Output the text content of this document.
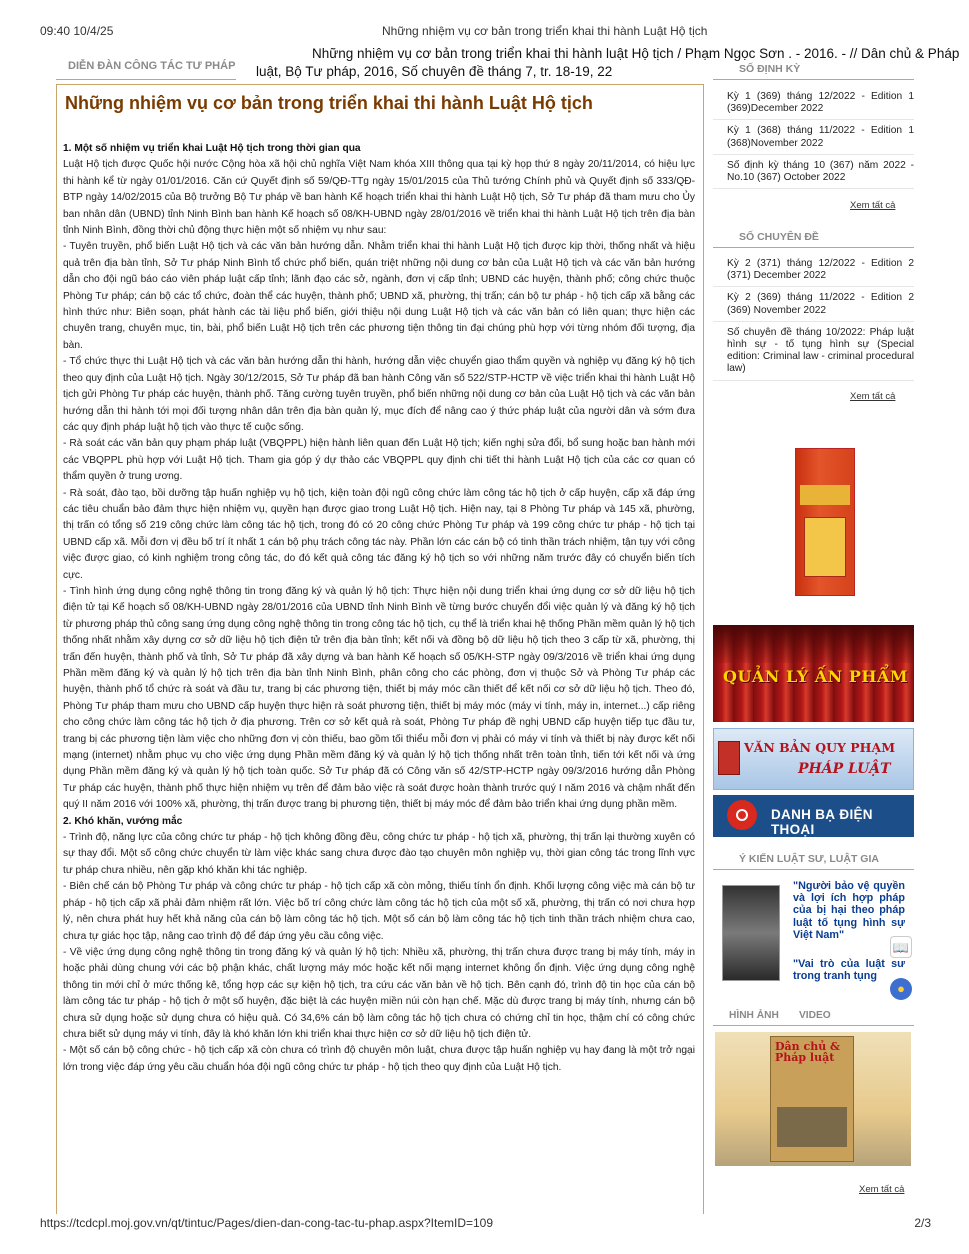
09:40 10/4/25	Những nhiệm vụ cơ bản trong triển khai thi hành Luật Hộ tịch
Những nhiệm vụ cơ bản trong triển khai thi hành luật Hộ tịch / Phạm Ngọc Sơn . - 2016. - // Dân chủ & Pháp luật, Bộ Tư pháp, 2016, Số chuyên đề tháng 7, tr. 18-19, 22
DIỄN ĐÀN CÔNG TÁC TƯ PHÁP
Những nhiệm vụ cơ bản trong triển khai thi hành Luật Hộ tịch
1. Một số nhiệm vụ triển khai Luật Hộ tịch trong thời gian qua
Luật Hộ tịch được Quốc hội nước Cộng hòa xã hội chủ nghĩa Việt Nam khóa XIII thông qua tại kỳ họp thứ 8 ngày 20/11/2014, có hiệu lực thi hành kể từ ngày 01/01/2016. Căn cứ Quyết định số 59/QĐ-TTg ngày 15/01/2015 của Thủ tướng Chính phủ và Quyết định số 333/QĐ-BTP ngày 14/02/2015 của Bộ trưởng Bộ Tư pháp về ban hành Kế hoạch triển khai thi hành Luật Hộ tịch, Sở Tư pháp đã tham mưu cho Ủy ban nhân dân (UBND) tỉnh Ninh Bình ban hành Kế hoạch số 08/KH-UBND ngày 28/01/2016 về triển khai thi hành Luật Hộ tịch trên địa bàn tỉnh Ninh Bình, đồng thời chủ động thực hiện một số nhiệm vụ như sau:
- Tuyên truyền, phổ biến Luật Hộ tịch và các văn bản hướng dẫn. Nhằm triển khai thi hành Luật Hộ tịch được kịp thời, thống nhất và hiệu quả trên địa bàn tỉnh, Sở Tư pháp Ninh Bình tổ chức phổ biến, quán triệt những nội dung cơ bản của Luật Hộ tịch và các văn bản hướng dẫn cho đội ngũ báo cáo viên pháp luật cấp tỉnh; lãnh đạo các sở, ngành, đơn vị cấp tỉnh; UBND các huyện, thành phố; công chức thuộc Phòng Tư pháp; cán bộ các tổ chức, đoàn thể các huyện, thành phố; UBND xã, phường, thị trấn; cán bộ tư pháp - hộ tịch cấp xã bằng các hình thức như: Biên soạn, phát hành các tài liệu phổ biến, giới thiệu nội dung Luật Hộ tịch và các văn bản có liên quan; thực hiện các chuyên trang, chuyên mục, tin, bài, phổ biến Luật Hộ tịch trên các phương tiện thông tin đại chúng phù hợp với từng nhóm đối tượng, địa bàn.
- Tổ chức thực thi Luật Hộ tịch và các văn bản hướng dẫn thi hành, hướng dẫn việc chuyển giao thẩm quyền và nghiệp vụ đăng ký hộ tịch theo quy định của Luật Hộ tịch. Ngày 30/12/2015, Sở Tư pháp đã ban hành Công văn số 522/STP-HCTP về việc triển khai thi hành Luật Hộ tịch gửi Phòng Tư pháp các huyện, thành phố. Tăng cường tuyên truyền, phổ biến những nội dung cơ bản của Luật Hộ tịch và các văn bản hướng dẫn thi hành tới mọi đối tượng nhân dân trên địa bàn quản lý, mục đích để nâng cao ý thức pháp luật của người dân và sớm đưa các quy định pháp luật hộ tịch vào thực tế cuộc sống.
- Rà soát các văn bản quy phạm pháp luật (VBQPPL) hiện hành liên quan đến Luật Hộ tịch; kiến nghị sửa đổi, bổ sung hoặc ban hành mới các VBQPPL phù hợp với Luật Hộ tịch. Tham gia góp ý dự thảo các VBQPPL quy định chi tiết thi hành Luật Hộ tịch của các cơ quan có thẩm quyền ở trung ương.
- Rà soát, đào tạo, bồi dưỡng tập huấn nghiệp vụ hộ tịch, kiện toàn đội ngũ công chức làm công tác hộ tịch ở cấp huyện, cấp xã đáp ứng các tiêu chuẩn bảo đảm thực hiện nhiệm vụ, quyền hạn được giao trong Luật Hộ tịch. Hiện nay, tại 8 Phòng Tư pháp và 145 xã, phường, thị trấn có tổng số 219 công chức làm công tác hộ tịch, trong đó có 20 công chức Phòng Tư pháp và 199 công chức tư pháp - hộ tịch tại UBND cấp xã. Mỗi đơn vị đều bố trí ít nhất 1 cán bộ phụ trách công tác này. Phần lớn các cán bộ có tinh thần trách nhiệm, tận tụy với công việc được giao, có kinh nghiệm trong công tác, do đó kết quả công tác đăng ký hộ tịch so với những năm trước đây có chuyển biến tích cực.
- Tình hình ứng dụng công nghệ thông tin trong đăng ký và quản lý hộ tịch: Thực hiện nội dung triển khai ứng dụng cơ sở dữ liệu hộ tịch điện tử tại Kế hoạch số 08/KH-UBND ngày 28/01/2016 của UBND tỉnh Ninh Bình về từng bước chuyển đổi việc quản lý và đăng ký hộ tịch từ phương pháp thủ công sang ứng dụng công nghệ thông tin trong công tác hộ tịch, cụ thể là triển khai hệ thống Phần mềm quản lý hộ tịch thống nhất nhằm xây dựng cơ sở dữ liệu hộ tịch điện tử trên địa bàn tỉnh; kết nối và đồng bộ dữ liệu hộ tịch theo 3 cấp từ xã, phường, thị trấn đến huyện, thành phố và tỉnh, Sở Tư pháp đã xây dựng và ban hành Kế hoạch số 05/KH-STP ngày 09/3/2016 về triển khai ứng dụng Phần mềm đăng ký và quản lý hộ tịch trên địa bàn tỉnh Ninh Bình, phân công cho các phòng, đơn vị thuộc Sở và Phòng Tư pháp các huyện, thành phố tổ chức rà soát và đầu tư, trang bị các phương tiện, thiết bị máy móc cần thiết để kết nối cơ sở dữ liệu hộ tịch. Theo đó, Phòng Tư pháp tham mưu cho UBND cấp huyện thực hiện rà soát phương tiện, thiết bị máy móc (máy vi tính, máy in, internet...) cấp riêng cho công chức làm công tác hộ tịch ở địa phương. Trên cơ sở kết quả rà soát, Phòng Tư pháp đề nghị UBND cấp huyện tiếp tục đầu tư, trang bị các phương tiện làm việc cho những đơn vị còn thiếu, bao gồm tối thiểu mỗi đơn vị phải có máy vi tính và thiết bị này được kết nối mạng (internet) nhằm phục vụ cho việc ứng dụng Phần mềm đăng ký và quản lý hộ tịch thống nhất trên toàn tỉnh, tiến tới kết nối và ứng dụng Phần mềm đăng ký và quản lý hộ tịch toàn quốc. Sở Tư pháp đã có Công văn số 42/STP-HCTP ngày 09/3/2016 hướng dẫn Phòng Tư pháp các huyện, thành phố thực hiện nhiệm vụ trên để đảm bảo việc rà soát được hoàn thành trước quý I năm 2016 và chậm nhất đến quý II năm 2016 với 100% xã, phường, thị trấn được trang bị phương tiện, thiết bị máy móc để đảm bảo triển khai ứng dụng phần mềm.
2. Khó khăn, vướng mắc
- Trình độ, năng lực của công chức tư pháp - hộ tịch không đồng đều, công chức tư pháp - hộ tịch xã, phường, thị trấn lại thường xuyên có sự thay đổi. Một số công chức chuyển từ làm việc khác sang chưa được đào tạo chuyên môn nghiệp vụ, thời gian công tác trong lĩnh vực tư pháp chưa nhiều, nên gặp khó khăn khi tác nghiệp.
- Biên chế cán bộ Phòng Tư pháp và công chức tư pháp - hộ tịch cấp xã còn mỏng, thiếu tính ổn định. Khối lượng công việc mà cán bộ tư pháp - hộ tịch cấp xã phải đảm nhiệm rất lớn. Việc bố trí công chức làm công tác hộ tịch của một số xã, phường, thị trấn có nơi chưa hợp lý, nên chưa phát huy hết khả năng của cán bộ làm công tác hộ tịch. Một số cán bộ làm công tác hộ tịch tinh thần trách nhiệm chưa cao, chưa tự giác học tập, nâng cao trình độ để đáp ứng yêu cầu công việc.
- Về việc ứng dụng công nghệ thông tin trong đăng ký và quản lý hộ tịch: Nhiều xã, phường, thị trấn chưa được trang bị máy tính, máy in hoặc phải dùng chung với các bộ phận khác, chất lượng máy móc hoặc kết nối mạng internet không ổn định. Việc ứng dụng công nghệ thông tin mới chỉ ở mức thống kê, tổng hợp các sự kiện hộ tịch, tra cứu các văn bản về hộ tịch. Bên cạnh đó, trình độ tin học của cán bộ làm công tác tư pháp - hộ tịch ở một số huyện, đặc biệt là các huyện miền núi còn hạn chế. Mặc dù được trang bị máy tính, nhưng cán bộ chưa sử dụng hoặc sử dụng chưa có hiệu quả. Có 34,6% cán bộ làm công tác hộ tịch chưa có chứng chỉ tin học, thậm chí có công chức chưa biết sử dụng máy vi tính, đây là khó khăn lớn khi triển khai thực hiện cơ sở dữ liệu hộ tịch điện tử.
- Một số cán bộ công chức - hộ tịch cấp xã còn chưa có trình độ chuyên môn luật, chưa được tập huấn nghiệp vụ hay đang là một trở ngại lớn trong việc đáp ứng yêu cầu chuẩn hóa đội ngũ công chức tư pháp - hộ tịch theo quy định của Luật Hộ tịch.
SỐ ĐỊNH KỲ
Kỳ 1 (369) tháng 12/2022 - Edition 1 (369)December 2022
Kỳ 1 (368) tháng 11/2022 - Edition 1 (368)November 2022
Số định kỳ tháng 10 (367) năm 2022 - No.10 (367) October 2022
Xem tất cả
SỐ CHUYÊN ĐỀ
Kỳ 2 (371) tháng 12/2022 - Edition 2 (371) December 2022
Kỳ 2 (369) tháng 11/2022 - Edition 2 (369) November 2022
Số chuyên đề tháng 10/2022: Pháp luật hình sự - tố tụng hình sự (Special edition: Criminal law - criminal procedural law)
Xem tất cả
QUẢN LÝ ẤN PHẨM
VĂN BẢN QUY PHẠM
PHÁP LUẬT
DANH BẠ ĐIỆN THOẠI
Ý KIẾN LUẬT SƯ, LUẬT GIA
"Người bảo vệ quyền và lợi ích hợp pháp của bị hại theo pháp luật tố tụng hình sự Việt Nam"
"Vai trò của luật sư trong tranh tụng
📖
●
HÌNH ẢNH VIDEO
Dân chủ & Pháp luật
Xem tất cả
https://tcdcpl.moj.gov.vn/qt/tintuc/Pages/dien-dan-cong-tac-tu-phap.aspx?ItemID=109	2/3
